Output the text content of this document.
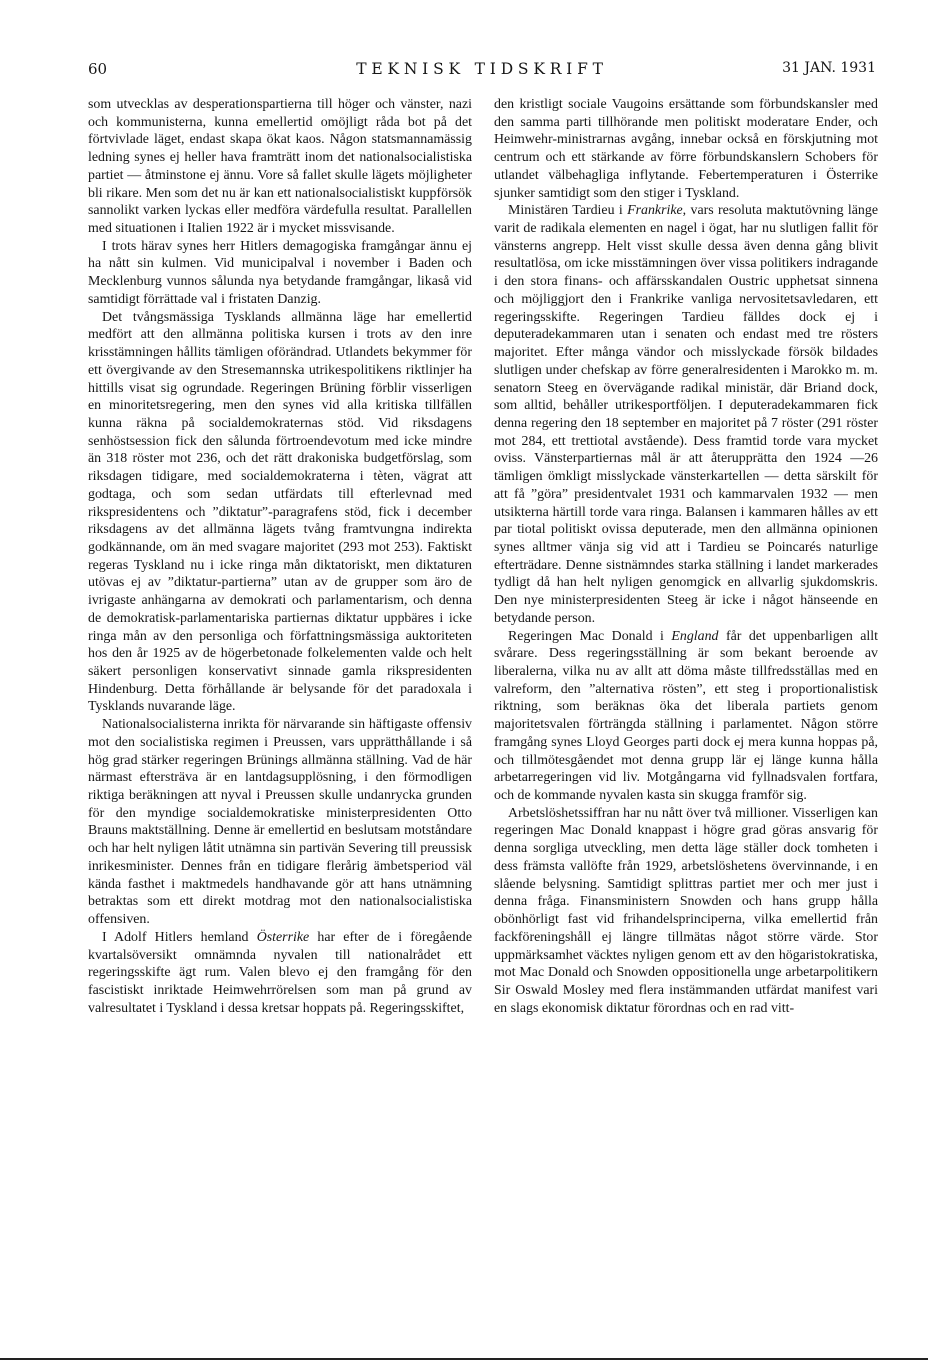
60	TEKNISK TIDSKRIFT	31 JAN. 1931

som utvecklas av desperationspartierna till höger och vänster, nazi och kommunisterna, kunna emellertid omöjligt råda bot på det förtvivlade läget, endast skapa ökat kaos. Någon statsmannamässig ledning synes ej heller hava framträtt inom det nationalsocialistiska partiet — åtminstone ej ännu. Vore så fallet skulle lägets möjligheter bli rikare. Men som det nu är kan ett nationalsocialistiskt kuppförsök sannolikt varken lyckas eller medföra värdefulla resultat. Parallellen med situationen i Italien 1922 är i mycket missvisande.

I trots härav synes herr Hitlers demagogiska framgångar ännu ej ha nått sin kulmen. Vid municipalval i november i Baden och Mecklenburg vunnos sålunda nya betydande framgångar, likaså vid samtidigt förrättade val i fristaten Danzig.

Det tvångsmässiga Tysklands allmänna läge har emellertid medfört att den allmänna politiska kursen i trots av den inre krisstämningen hållits tämligen oförändrad. Utlandets bekymmer för ett övergivande av den Stresemannska utrikespolitikens riktlinjer ha hittills visat sig ogrundade. Regeringen Brüning förblir visserligen en minoritetsregering, men den synes vid alla kritiska tillfällen kunna räkna på socialdemokraternas stöd. Vid riksdagens senhöstsession fick den sålunda förtroendevotum med icke mindre än 318 röster mot 236, och det rätt drakoniska budgetförslag, som riksdagen tidigare, med socialdemokraterna i tèten, vägrat att godtaga, och som sedan utfärdats till efterlevnad med rikspresidentens och ”diktatur”-paragrafens stöd, fick i december riksdagens av det allmänna lägets tvång framtvungna indirekta godkännande, om än med svagare majoritet (293 mot 253). Faktiskt regeras Tyskland nu i icke ringa mån diktatoriskt, men diktaturen utövas ej av ”diktatur-partierna” utan av de grupper som äro de ivrigaste anhängarna av demokrati och parlamentarism, och denna de demokratisk-parlamentariska partiernas diktatur uppbäres i icke ringa mån av den personliga och författningsmässiga auktoriteten hos den år 1925 av de högerbetonade folkelementen valde och helt säkert personligen konservativt sinnade gamla rikspresidenten Hindenburg. Detta förhållande är belysande för det paradoxala i Tysklands nuvarande läge.

Nationalsocialisterna inrikta för närvarande sin häftigaste offensiv mot den socialistiska regimen i Preussen, vars upprätthållande i så hög grad stärker regeringen Brünings allmänna ställning. Vad de här närmast eftersträva är en lantdagsupplösning, i den förmodligen riktiga beräkningen att nyval i Preussen skulle undanrycka grunden för den myndige socialdemokratiske ministerpresidenten Otto Brauns maktställning. Denne är emellertid en beslutsam motståndare och har helt nyligen låtit utnämna sin partivän Severing till preussisk inrikesminister. Dennes från en tidigare flerårig ämbetsperiod väl kända fasthet i maktmedels handhavande gör att hans utnämning betraktas som ett direkt motdrag mot den nationalsocialistiska offensiven.

I Adolf Hitlers hemland Österrike har efter de i föregående kvartalsöversikt omnämnda nyvalen till nationalrådet ett regeringsskifte ägt rum. Valen blevo ej den framgång för den fascistiskt inriktade Heimwehrrörelsen som man på grund av valresultatet i Tyskland i dessa kretsar hoppats på. Regeringsskiftet,

den kristligt sociale Vaugoins ersättande som förbundskansler med den samma parti tillhörande men politiskt moderatare Ender, och Heimwehr-ministrarnas avgång, innebar också en förskjutning mot centrum och ett stärkande av förre förbundskanslern Schobers för utlandet välbehagliga inflytande. Febertemperaturen i Österrike sjunker samtidigt som den stiger i Tyskland.

Ministären Tardieu i Frankrike, vars resoluta maktutövning länge varit de radikala elementen en nagel i ögat, har nu slutligen fallit för vänsterns angrepp. Helt visst skulle dessa även denna gång blivit resultatlösa, om icke misstämningen över vissa politikers indragande i den stora finans- och affärsskandalen Oustric upphetsat sinnena och möjliggjort den i Frankrike vanliga nervositetsavledaren, ett regeringsskifte. Regeringen Tardieu fälldes dock ej i deputeradekammaren utan i senaten och endast med tre rösters majoritet. Efter många vändor och misslyckade försök bildades slutligen under chefskap av förre generalresidenten i Marokko m. m. senatorn Steeg en övervägande radikal ministär, där Briand dock, som alltid, behåller utrikesportföljen. I deputeradekammaren fick denna regering den 18 september en majoritet på 7 röster (291 röster mot 284, ett trettiotal avstående). Dess framtid torde vara mycket oviss. Vänsterpartiernas mål är att återupprätta den 1924 —26 tämligen ömkligt misslyckade vänsterkartellen — detta särskilt för att få ”göra” presidentvalet 1931 och kammarvalen 1932 — men utsikterna härtill torde vara ringa. Balansen i kammaren hålles av ett par tiotal politiskt ovissa deputerade, men den allmänna opinionen synes alltmer vänja sig vid att i Tardieu se Poincarés naturlige efterträdare. Denne sistnämndes starka ställning i landet markerades tydligt då han helt nyligen genomgick en allvarlig sjukdomskris. Den nye ministerpresidenten Steeg är icke i något hänseende en betydande person.

Regeringen Mac Donald i England får det uppenbarligen allt svårare. Dess regeringsställning är som bekant beroende av liberalerna, vilka nu av allt att döma måste tillfredsställas med en valreform, den ”alternativa rösten”, ett steg i proportionalistisk riktning, som beräknas öka det liberala partiets genom majoritetsvalen förträngda ställning i parlamentet. Någon större framgång synes Lloyd Georges parti dock ej mera kunna hoppas på, och tillmötesgåendet mot denna grupp lär ej länge kunna hålla arbetarregeringen vid liv. Motgångarna vid fyllnadsvalen fortfara, och de kommande nyvalen kasta sin skugga framför sig.

Arbetslöshetssiffran har nu nått över två millioner. Visserligen kan regeringen Mac Donald knappast i högre grad göras ansvarig för denna sorgliga utveckling, men detta läge ställer dock tomheten i dess främsta vallöfte från 1929, arbetslöshetens övervinnande, i en slående belysning. Samtidigt splittras partiet mer och mer just i denna fråga. Finansministern Snowden och hans grupp hålla obönhörligt fast vid frihandelsprinciperna, vilka emellertid från fackföreningshåll ej längre tillmätas något större värde. Stor uppmärksamhet väcktes nyligen genom ett av den högaristokratiska, mot Mac Donald och Snowden oppositionella unge arbetarpolitikern Sir Oswald Mosley med flera instämmanden utfärdat manifest vari en slags ekonomisk diktatur förordnas och en rad vitt-
